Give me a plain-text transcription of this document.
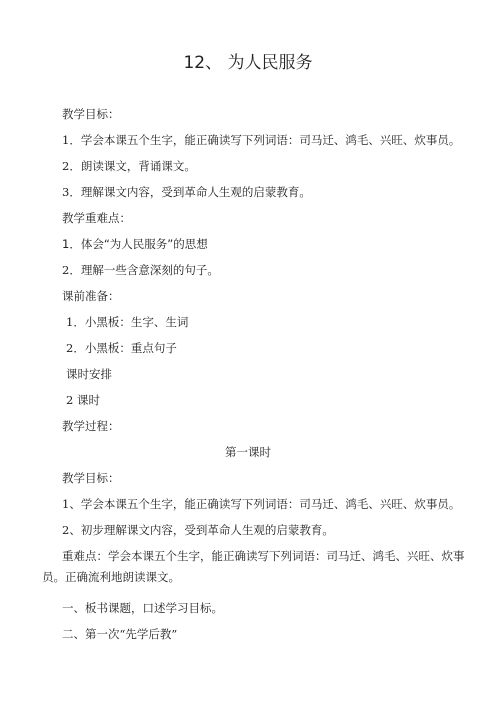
12、 为人民服务
教学目标：
1．学会本课五个生字，能正确读写下列词语：司马迁、鸿毛、兴旺、炊事员。
2．朗读课文，背诵课文。
3．理解课文内容，受到革命人生观的启蒙教育。
教学重难点：
1．体会“为人民服务”的思想
2．理解一些含意深刻的句子。
课前准备：
1．小黑板：生字、生词
2．小黑板：重点句子
课时安排
2 课时
教学过程：
第一课时
教学目标：
1、学会本课五个生字，能正确读写下列词语：司马迁、鸿毛、兴旺、炊事员。
2、初步理解课文内容，受到革命人生观的启蒙教育。
重难点：学会本课五个生字，能正确读写下列词语：司马迁、鸿毛、兴旺、炊事员。正确流利地朗读课文。
一、板书课题，口述学习目标。
二、第一次“先学后教”
